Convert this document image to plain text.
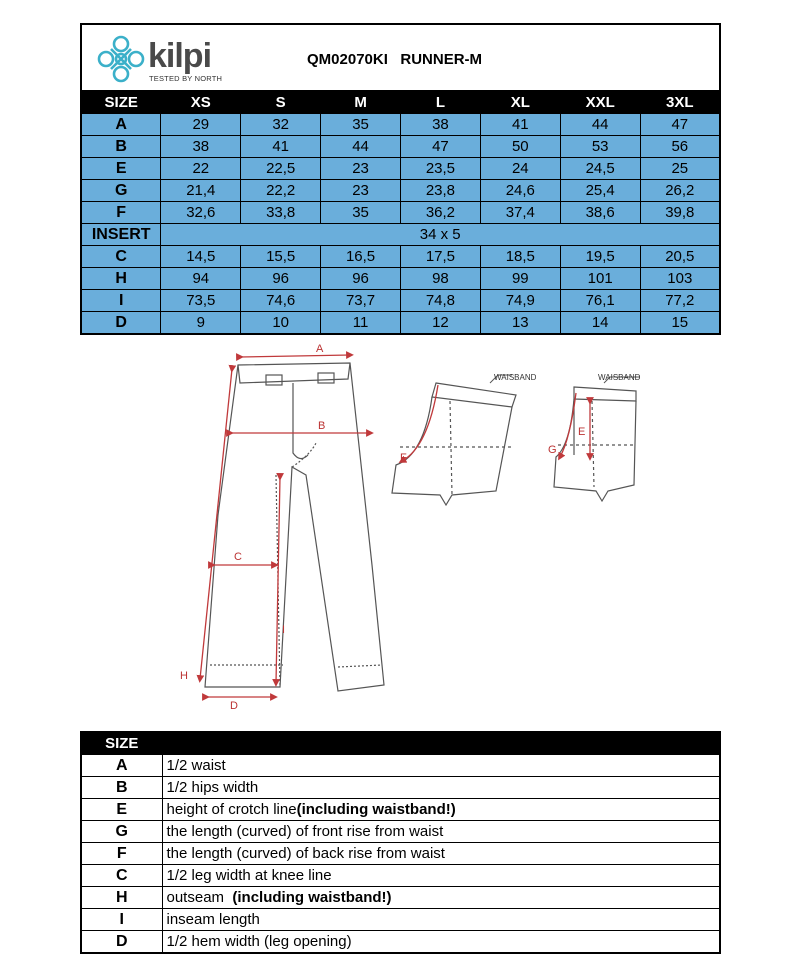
kilpi
TESTED BY NORTH
QM02070KI RUNNER-M
SIZE	XS	S	M	L	XL	XXL	3XL
A	29	32	35	38	41	44	47
B	38	41	44	47	50	53	56
E	22	22,5	23	23,5	24	24,5	25
G	21,4	22,2	23	23,8	24,6	25,4	26,2
F	32,6	33,8	35	36,2	37,4	38,6	39,8
INSERT	34 x 5						
C	14,5	15,5	16,5	17,5	18,5	19,5	20,5
H	94	96	96	98	99	101	103
I	73,5	74,6	73,7	74,8	74,9	76,1	77,2
D	9	10	11	12	13	14	15
A
B
C
D
H
I
WAISBAND
F
WAISBAND
E
G
SIZE	
A	1/2 waist
B	1/2 hips width
E	height of crotch line(including waistband!)
G	the length (curved) of front rise from waist
F	the length (curved) of back rise from waist
C	1/2 leg width at knee line
H	outseam  (including waistband!)
I	inseam length
D	1/2 hem width (leg opening)
